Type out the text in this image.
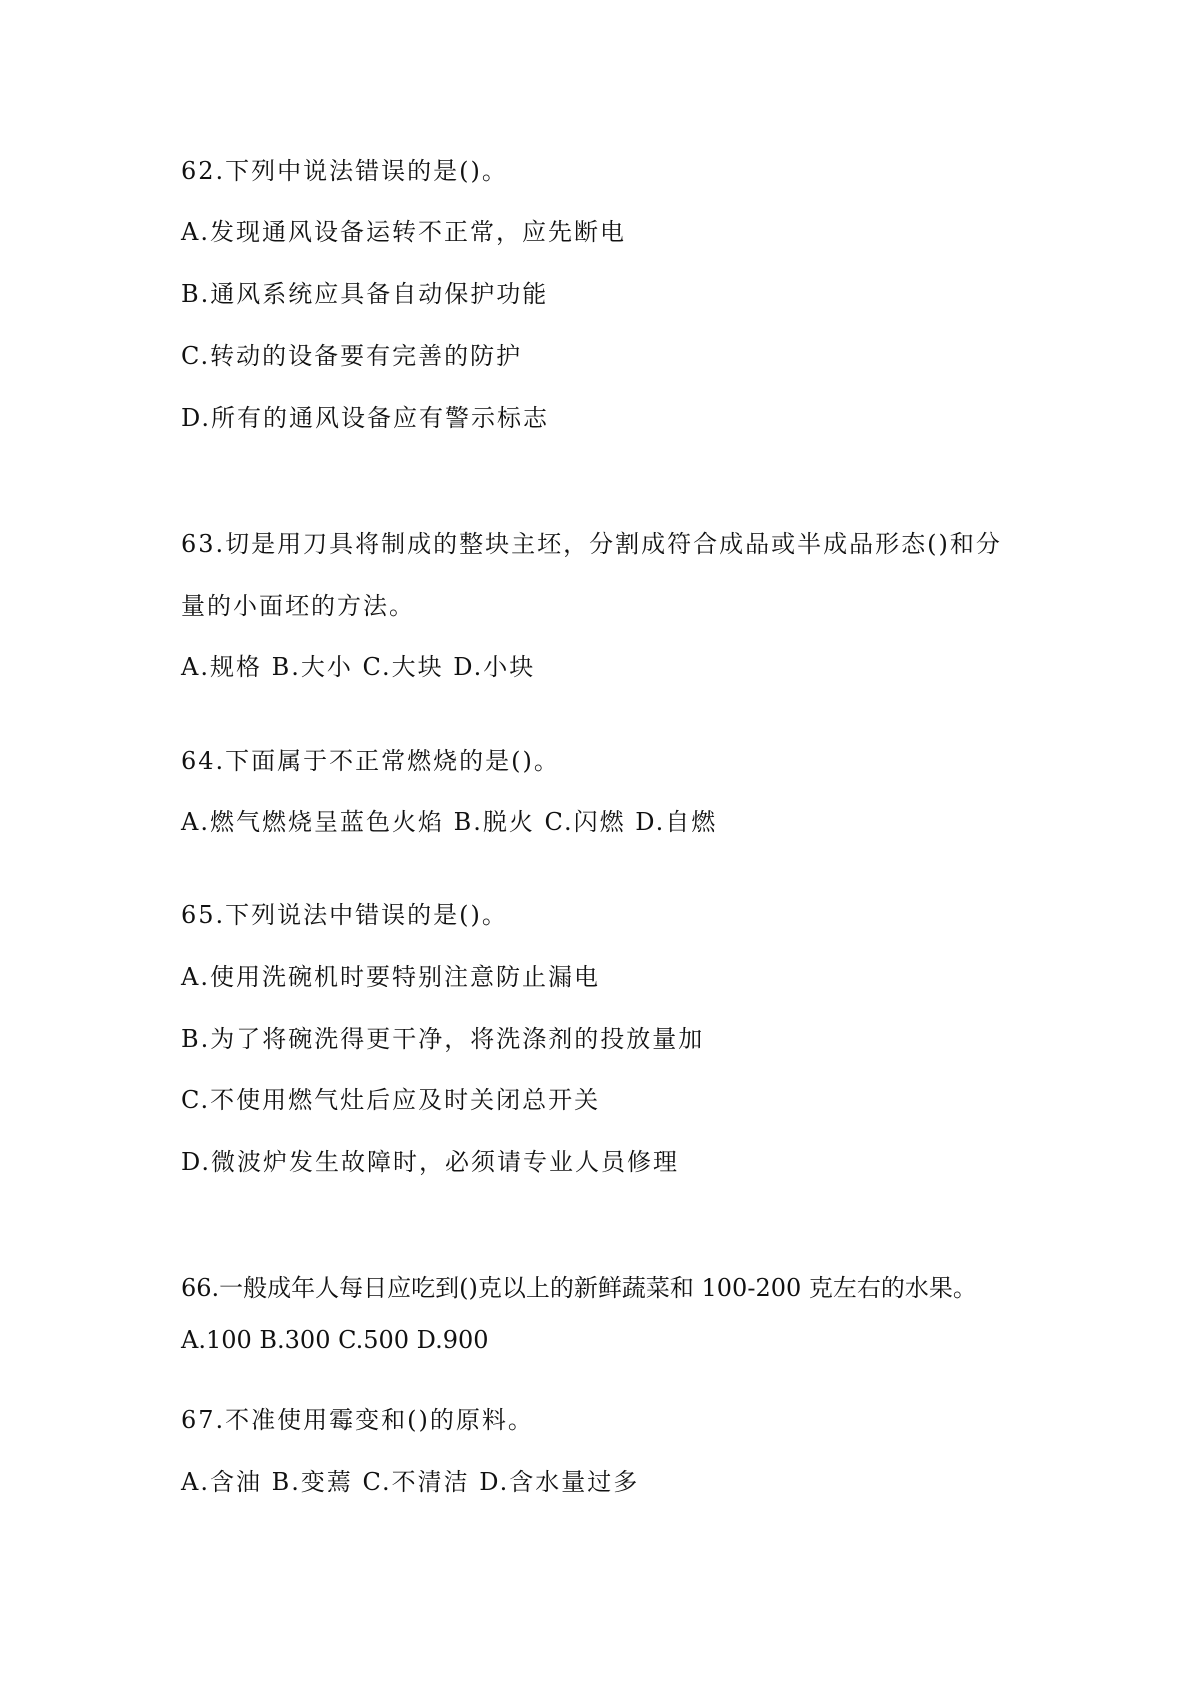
62.下列中说法错误的是()。
A.发现通风设备运转不正常，应先断电
B.通风系统应具备自动保护功能
C.转动的设备要有完善的防护
D.所有的通风设备应有警示标志
63.切是用刀具将制成的整块主坯，分割成符合成品或半成品形态()和分
量的小面坯的方法。
A.规格 B.大小 C.大块 D.小块
64.下面属于不正常燃烧的是()。
A.燃气燃烧呈蓝色火焰 B.脱火 C.闪燃 D.自燃
65.下列说法中错误的是()。
A.使用洗碗机时要特别注意防止漏电
B.为了将碗洗得更干净，将洗涤剂的投放量加
C.不使用燃气灶后应及时关闭总开关
D.微波炉发生故障时，必须请专业人员修理
66.一般成年人每日应吃到()克以上的新鲜蔬菜和 100-200 克左右的水果。
A.100 B.300 C.500 D.900
67.不准使用霉变和()的原料。
A.含油 B.变蔫 C.不清洁 D.含水量过多
